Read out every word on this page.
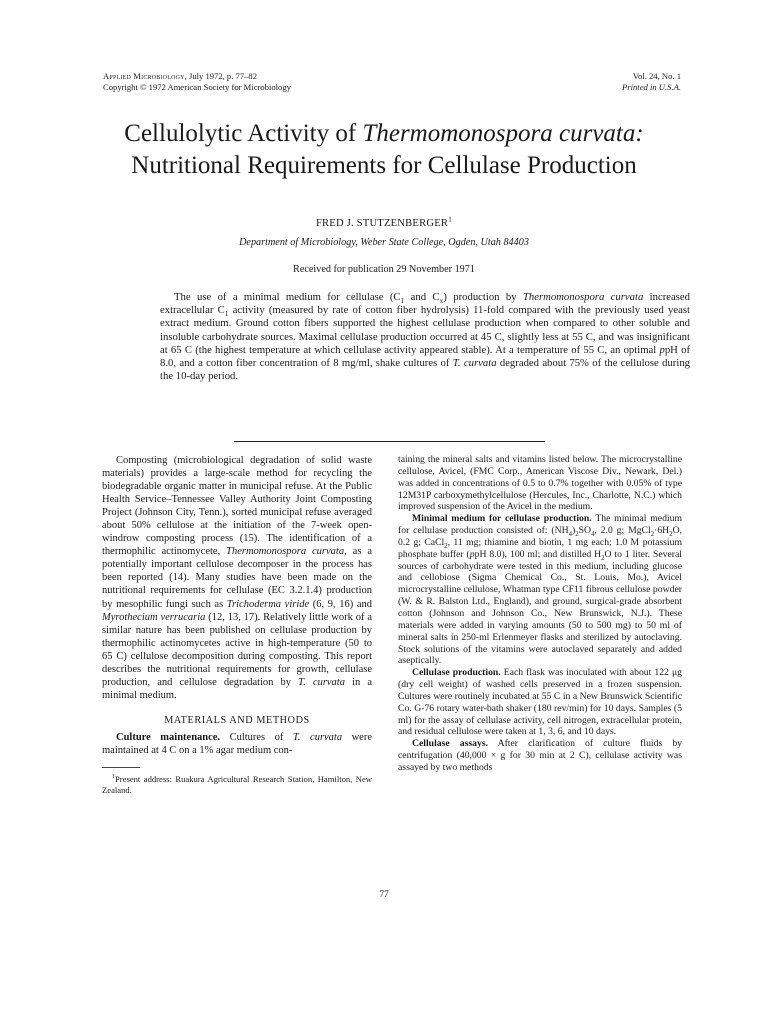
Applied Microbiology, July 1972, p. 77–82
Copyright © 1972 American Society for Microbiology
Vol. 24, No. 1
Printed in U.S.A.
Cellulolytic Activity of Thermomonospora curvata: Nutritional Requirements for Cellulase Production
FRED J. STUTZENBERGER$^1$
Department of Microbiology, Weber State College, Ogden, Utah 84403
Received for publication 29 November 1971
The use of a minimal medium for cellulase ($C_1$ and $C_x$) production by Thermomonospora curvata increased extracellular $C_1$ activity (measured by rate of cotton fiber hydrolysis) 11-fold compared with the previously used yeast extract medium. Ground cotton fibers supported the highest cellulase production when compared to other soluble and insoluble carbohydrate sources. Maximal cellulase production occurred at 45 C, slightly less at 55 C, and was insignificant at 65 C (the highest temperature at which cellulase activity appeared stable). At a temperature of 55 C, an optimal ppH of 8.0, and a cotton fiber concentration of 8 mg/ml, shake cultures of T. curvata degraded about 75% of the cellulose during the 10-day period.

Composting (microbiological degradation of solid waste materials) provides a large-scale method for recycling the biodegradable organic matter in municipal refuse. At the Public Health Service–Tennessee Valley Authority Joint Composting Project (Johnson City, Tenn.), sorted municipal refuse averaged about 50% cellulose at the initiation of the 7-week open-windrow composting process (15). The identification of a thermophilic actinomycete, Thermomonospora curvata, as a potentially important cellulose decomposer in the process has been reported (14). Many studies have been made on the nutritional requirements for cellulase (EC 3.2.1.4) production by mesophilic fungi such as Trichoderma viride (6, 9, 16) and Myrothecium verrucaria (12, 13, 17). Relatively little work of a similar nature has been published on cellulase production by thermophilic actinomycetes active in high-temperature (50 to 65 C) cellulose decomposition during composting. This report describes the nutritional requirements for growth, cellulase production, and cellulose degradation by T. curvata in a minimal medium.

MATERIALS AND METHODS

Culture maintenance. Cultures of T. curvata were maintained at 4 C on a 1% agar medium con-

$^1$Present address: Ruakura Agricultural Research Station, Hamilton, New Zealand.

taining the mineral salts and vitamins listed below. The microcrystalline cellulose, Avicel, (FMC Corp., American Viscose Div., Newark, Del.) was added in concentrations of 0.5 to 0.7% together with 0.05% of type 12M31P carboxymethylcellulose (Hercules, Inc., Charlotte, N.C.) which improved suspension of the Avicel in the medium.

Minimal medium for cellulase production. The minimal medium for cellulase production consisted of: $(NH_4)_2SO_4$, 2.0 g; $MgCl_2\cdot 6H_2O$, 0.2 g; CaCl$_2$, 11 mg; thiamine and biotin, 1 mg each; 1.0 M potassium phosphate buffer (ppH 8.0), 100 ml; and distilled $H_2O$ to 1 liter. Several sources of carbohydrate were tested in this medium, including glucose and cellobiose (Sigma Chemical Co., St. Louis, Mo.), Avicel microcrystalline cellulose, Whatman type CF11 fibrous cellulose powder (W. & R. Balston Ltd., England), and ground, surgical-grade absorbent cotton (Johnson and Johnson Co., New Brunswick, N.J.). These materials were added in varying amounts (50 to 500 mg) to 50 ml of mineral salts in 250-ml Erlenmeyer flasks and sterilized by autoclaving. Stock solutions of the vitamins were autoclaved separately and added aseptically.

Cellulase production. Each flask was inoculated with about 122 μg (dry cell weight) of washed cells preserved in a frozen suspension. Cultures were routinely incubated at 55 C in a New Brunswick Scientific Co. G-76 rotary water-bath shaker (180 rev/min) for 10 days. Samples (5 ml) for the assay of cellulase activity, cell nitrogen, extracellular protein, and residual cellulose were taken at 1, 3, 6, and 10 days.

Cellulase assays. After clarification of culture fluids by centrifugation (40,000 × g for 30 min at 2 C), cellulase activity was assayed by two methods

77
